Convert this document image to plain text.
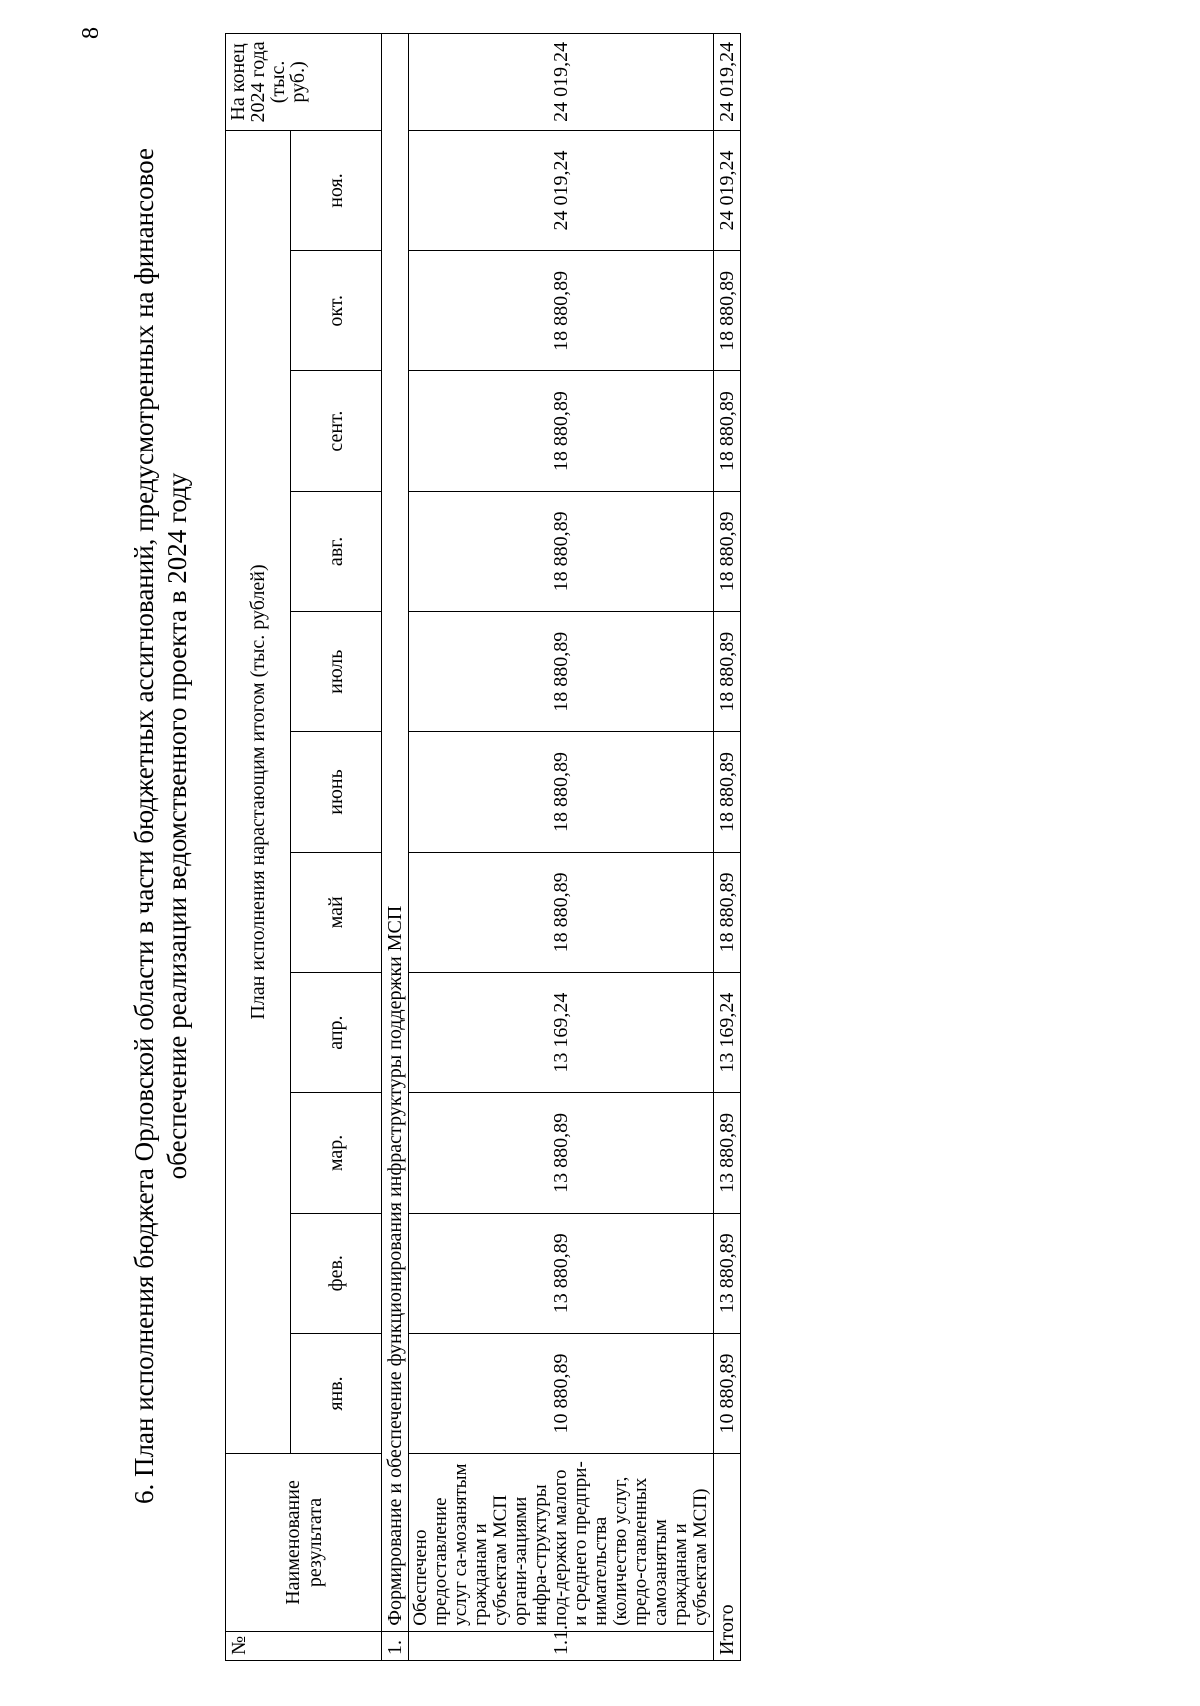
8
6. План исполнения бюджета Орловской области в части бюджетных ассигнований, предусмотренных на финансовое обеспечение реализации ведомственного проекта в 2024 году
№	Наименование результата	План исполнения нарастающим итогом (тыс. рублей)											На конец 2024 года (тыс. руб.)
		янв.	фев.	мар.	апр.	май	июнь	июль	авг.	сент.	окт.	ноя.	
1.	Формирование и обеспечение функционирования инфраструктуры поддержки МСП												
1.1.	Обеспечено предоставление услуг са-мозанятым гражданам и субъектам МСП органи-зациями инфра-структуры под-держки малого и среднего предпри-нимательства (количество услуг, предо-ставленных самозанятым гражданам и субъектам МСП)	10 880,89	13 880,89	13 880,89	13 169,24	18 880,89	18 880,89	18 880,89	18 880,89	18 880,89	18 880,89	24 019,24	24 019,24
Итого		10 880,89	13 880,89	13 880,89	13 169,24	18 880,89	18 880,89	18 880,89	18 880,89	18 880,89	18 880,89	24 019,24	24 019,24
